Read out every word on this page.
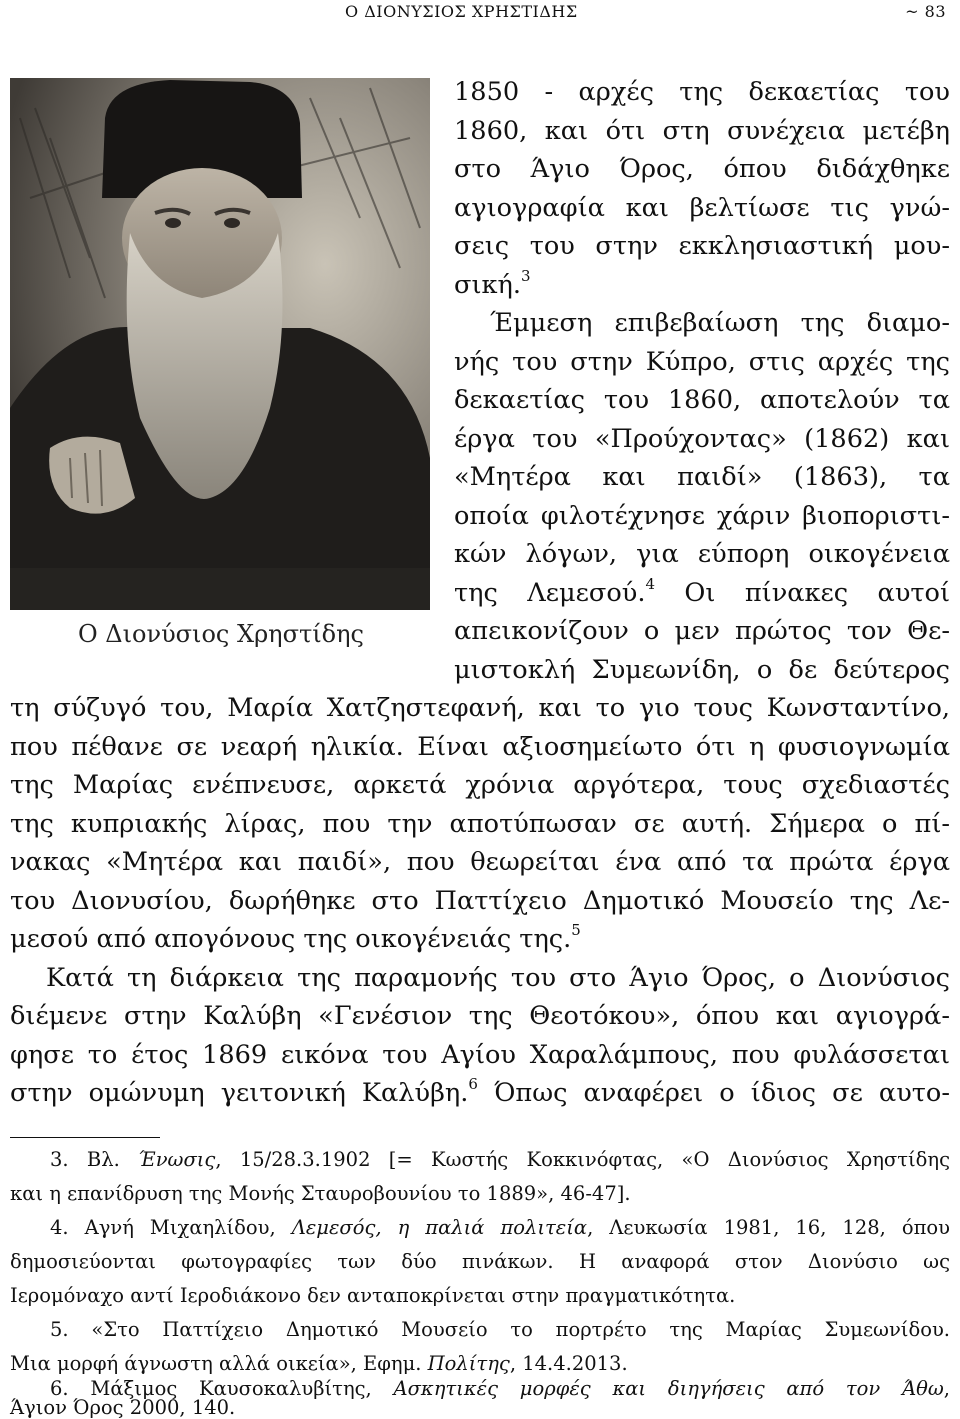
Ο ΔΙΟΝΥΣΙΟΣ ΧΡΗΣΤΙΔΗΣ	~ 83
Ο Διονύσιος Χρηστίδης
1850 - αρχές της δεκαετίας του
1860, και ότι στη συνέχεια μετέβη
στο Άγιο Όρος, όπου διδάχθηκε
αγιογραφία και βελτίωσε τις γνώ-
σεις του στην εκκλησιαστική μου-
σική.$^3$
Έμμεση επιβεβαίωση της διαμο-
νής του στην Κύπρο, στις αρχές της
δεκαετίας του 1860, αποτελούν τα
έργα του «Προύχοντας» (1862) και
«Μητέρα και παιδί» (1863), τα
οποία φιλοτέχνησε χάριν βιοποριστι-
κών λόγων, για εύπορη οικογένεια
της Λεμεσού.$^4$ Οι πίνακες αυτοί
απεικονίζουν ο μεν πρώτος τον Θε-
μιστοκλή Συμεωνίδη, ο δε δεύτερος
τη σύζυγό του, Μαρία Χατζηστεφανή, και το γιο τους Κωνσταντίνο,
που πέθανε σε νεαρή ηλικία. Είναι αξιοσημείωτο ότι η φυσιογνωμία
της Μαρίας ενέπνευσε, αρκετά χρόνια αργότερα, τους σχεδιαστές
της κυπριακής λίρας, που την αποτύπωσαν σε αυτή. Σήμερα ο πί-
νακας «Μητέρα και παιδί», που θεωρείται ένα από τα πρώτα έργα
του Διονυσίου, δωρήθηκε στο Παττίχειο Δημοτικό Μουσείο της Λε-
μεσού από απογόνους της οικογένειάς της.$^5$
Κατά τη διάρκεια της παραμονής του στο Άγιο Όρος, ο Διονύσιος
διέμενε στην Καλύβη «Γενέσιον της Θεοτόκου», όπου και αγιογρά-
φησε το έτος 1869 εικόνα του Αγίου Χαραλάμπους, που φυλάσσεται
στην ομώνυμη γειτονική Καλύβη.$^6$ Όπως αναφέρει ο ίδιος σε αυτο-
3. Βλ. Ένωσις, 15/28.3.1902 [= Κωστής Κοκκινόφτας, «Ο Διονύσιος Χρηστίδης
και η επανίδρυση της Μονής Σταυροβουνίου το 1889», 46-47].
4. Αγνή Μιχαηλίδου, Λεμεσός, η παλιά πολιτεία, Λευκωσία 1981, 16, 128, όπου
δημοσιεύονται φωτογραφίες των δύο πινάκων. Η αναφορά στον Διονύσιο ως
Ιερομόναχο αντί Ιεροδιάκονο δεν ανταποκρίνεται στην πραγματικότητα.
5. «Στο Παττίχειο Δημοτικό Μουσείο το πορτρέτο της Μαρίας Συμεωνίδου.
Μια μορφή άγνωστη αλλά οικεία», Εφημ. Πολίτης, 14.4.2013.
6. Μάξιμος Καυσοκαλυβίτης, Ασκητικές μορφές και διηγήσεις από τον Άθω,
Άγιον Όρος 2000, 140.
